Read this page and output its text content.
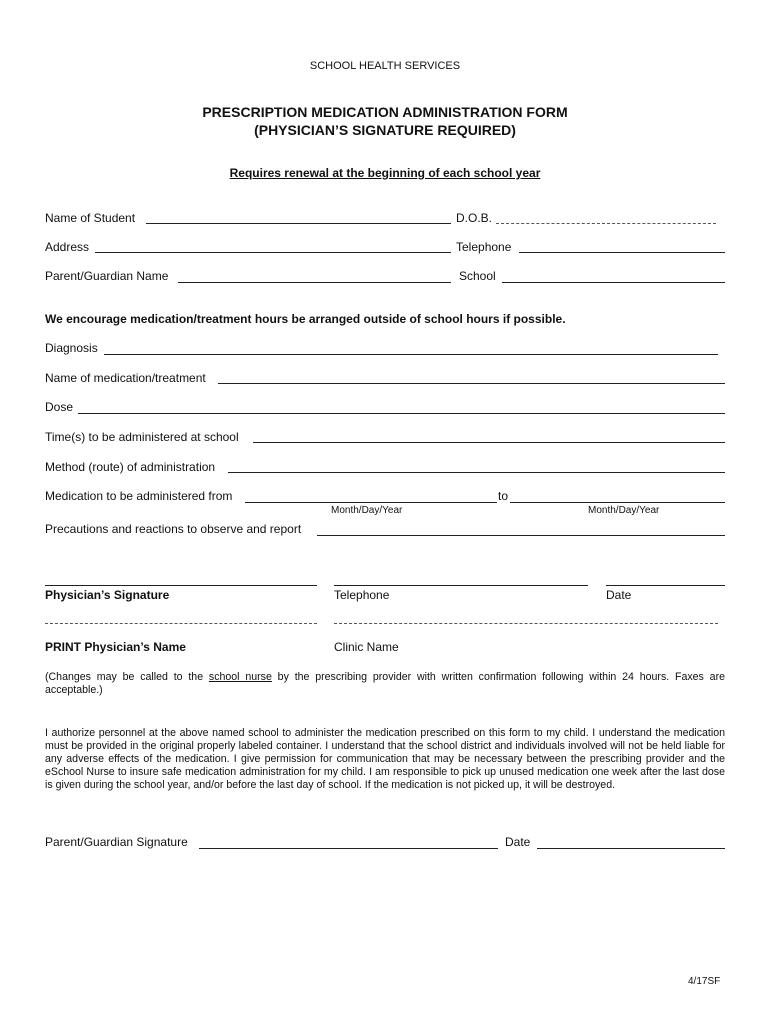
SCHOOL HEALTH SERVICES
PRESCRIPTION MEDICATION ADMINISTRATION FORM
(PHYSICIAN’S SIGNATURE REQUIRED)
Requires renewal at the beginning of each school year
Name of Student	D.O.B.
Address	Telephone
Parent/Guardian Name	School
We encourage medication/treatment hours be arranged outside of school hours if possible.
Diagnosis
Name of medication/treatment
Dose
Time(s) to be administered at school
Method (route) of administration
Medication to be administered from	to
Month/Day/Year	Month/Day/Year
Precautions and reactions to observe and report
Physician’s Signature	Telephone	Date
PRINT Physician’s Name	Clinic Name
(Changes may be called to the school nurse by the prescribing provider with written confirmation following within 24 hours. Faxes are acceptable.)
I authorize personnel at the above named school to administer the medication prescribed on this form to my child. I understand the medication must be provided in the original properly labeled container. I understand that the school district and individuals involved will not be held liable for any adverse effects of the medication. I give permission for communication that may be necessary between the prescribing provider and the eSchool Nurse to insure safe medication administration for my child. I am responsible to pick up unused medication one week after the last dose is given during the school year, and/or before the last day of school. If the medication is not picked up, it will be destroyed.
Parent/Guardian Signature	Date
4/17SF
